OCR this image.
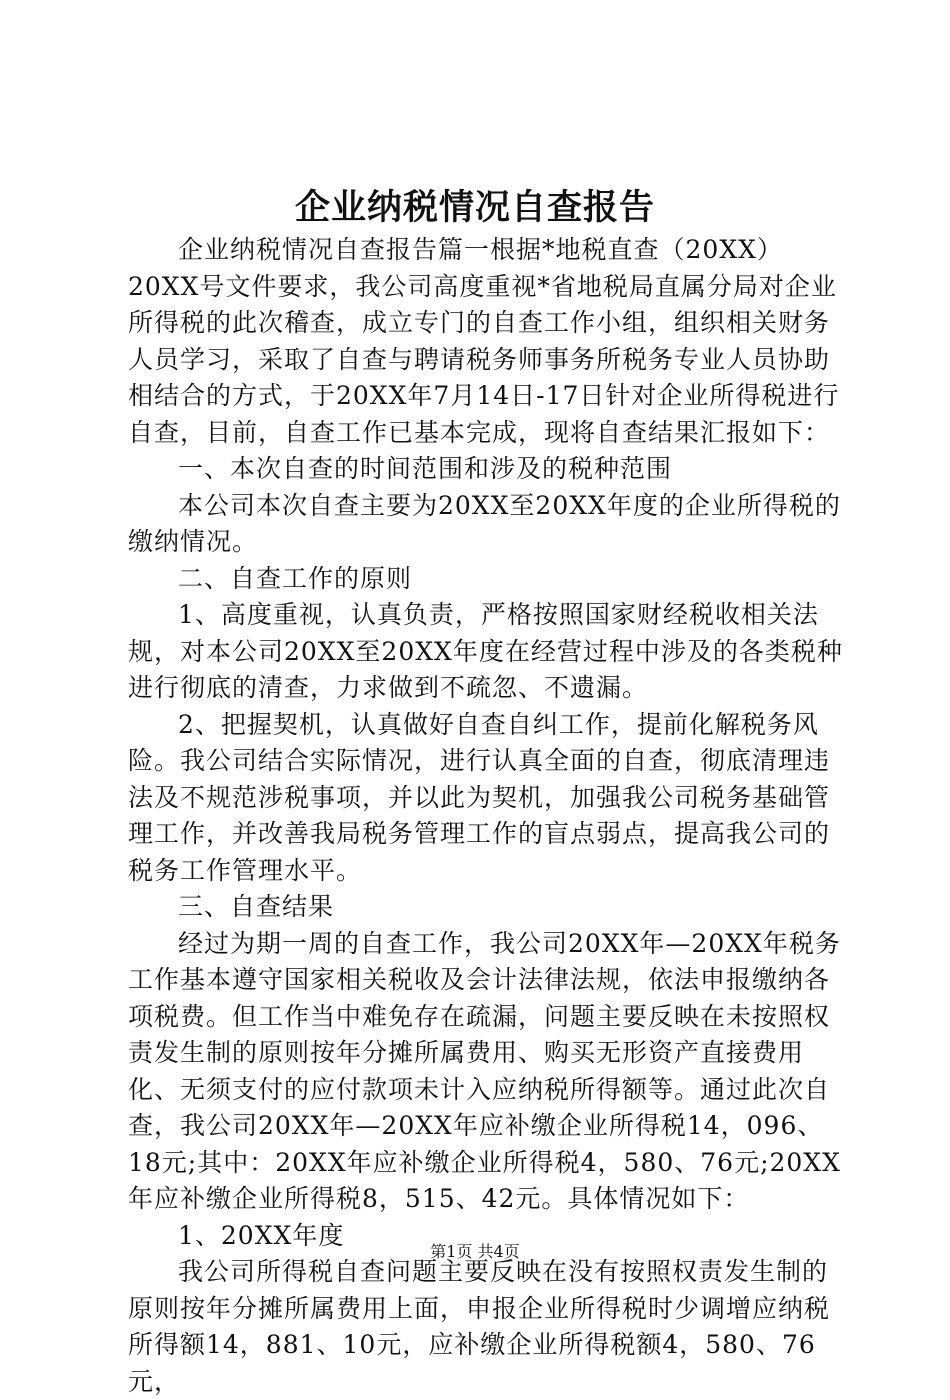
企业纳税情况自查报告

企业纳税情况自查报告篇一根据*地税直查（20XX）20XX号文件要求，我公司高度重视*省地税局直属分局对企业所得税的此次稽查，成立专门的自查工作小组，组织相关财务人员学习，采取了自查与聘请税务师事务所税务专业人员协助相结合的方式，于20XX年7月14日-17日针对企业所得税进行自查，目前，自查工作已基本完成，现将自查结果汇报如下：

一、本次自查的时间范围和涉及的税种范围

本公司本次自查主要为20XX至20XX年度的企业所得税的缴纳情况。

二、自查工作的原则

1、高度重视，认真负责，严格按照国家财经税收相关法规，对本公司20XX至20XX年度在经营过程中涉及的各类税种进行彻底的清查，力求做到不疏忽、不遗漏。

2、把握契机，认真做好自查自纠工作，提前化解税务风险。我公司结合实际情况，进行认真全面的自查，彻底清理违法及不规范涉税事项，并以此为契机，加强我公司税务基础管理工作，并改善我局税务管理工作的盲点弱点，提高我公司的税务工作管理水平。

三、自查结果

经过为期一周的自查工作，我公司20XX年—20XX年税务工作基本遵守国家相关税收及会计法律法规，依法申报缴纳各项税费。但工作当中难免存在疏漏，问题主要反映在未按照权责发生制的原则按年分摊所属费用、购买无形资产直接费用化、无须支付的应付款项未计入应纳税所得额等。通过此次自查，我公司20XX年—20XX年应补缴企业所得税14，096、18元;其中：20XX年应补缴企业所得税4，580、76元;20XX年应补缴企业所得税8，515、42元。具体情况如下：

1、20XX年度

我公司所得税自查问题主要反映在没有按照权责发生制的原则按年分摊所属费用上面，申报企业所得税时少调增应纳税所得额14，881、10元，应补缴企业所得税额4，580、76元，

第1页 共4页
